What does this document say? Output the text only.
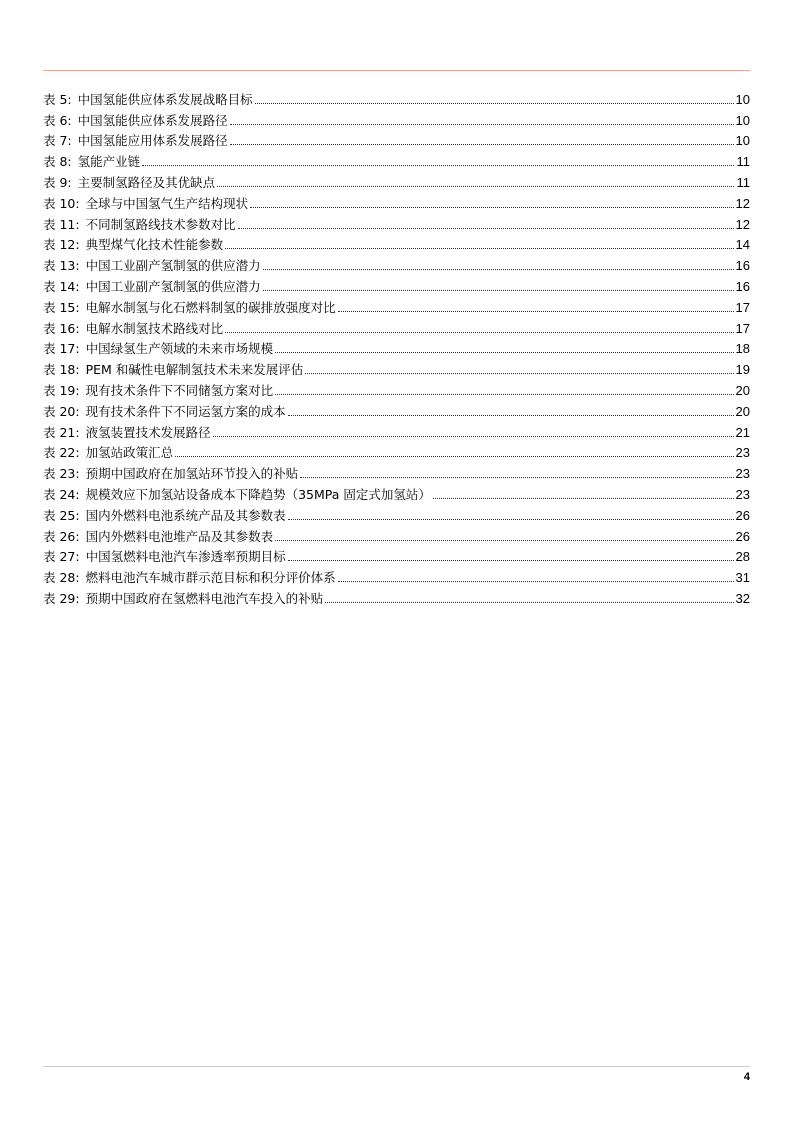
表 5: 中国氢能供应体系发展战略目标	10
表 6: 中国氢能供应体系发展路径	10
表 7: 中国氢能应用体系发展路径	10
表 8: 氢能产业链	11
表 9: 主要制氢路径及其优缺点	11
表 10: 全球与中国氢气生产结构现状	12
表 11: 不同制氢路线技术参数对比	12
表 12: 典型煤气化技术性能参数	14
表 13: 中国工业副产氢制氢的供应潜力	16
表 14: 中国工业副产氢制氢的供应潜力	16
表 15: 电解水制氢与化石燃料制氢的碳排放强度对比	17
表 16: 电解水制氢技术路线对比	17
表 17: 中国绿氢生产领域的未来市场规模	18
表 18: PEM 和碱性电解制氢技术未来发展评估	19
表 19: 现有技术条件下不同储氢方案对比	20
表 20: 现有技术条件下不同运氢方案的成本	20
表 21: 液氢装置技术发展路径	21
表 22: 加氢站政策汇总	23
表 23: 预期中国政府在加氢站环节投入的补贴	23
表 24: 规模效应下加氢站设备成本下降趋势（35MPa 固定式加氢站）	23
表 25: 国内外燃料电池系统产品及其参数表	26
表 26: 国内外燃料电池堆产品及其参数表	26
表 27: 中国氢燃料电池汽车渗透率预期目标	28
表 28: 燃料电池汽车城市群示范目标和积分评价体系	31
表 29: 预期中国政府在氢燃料电池汽车投入的补贴	32
4
